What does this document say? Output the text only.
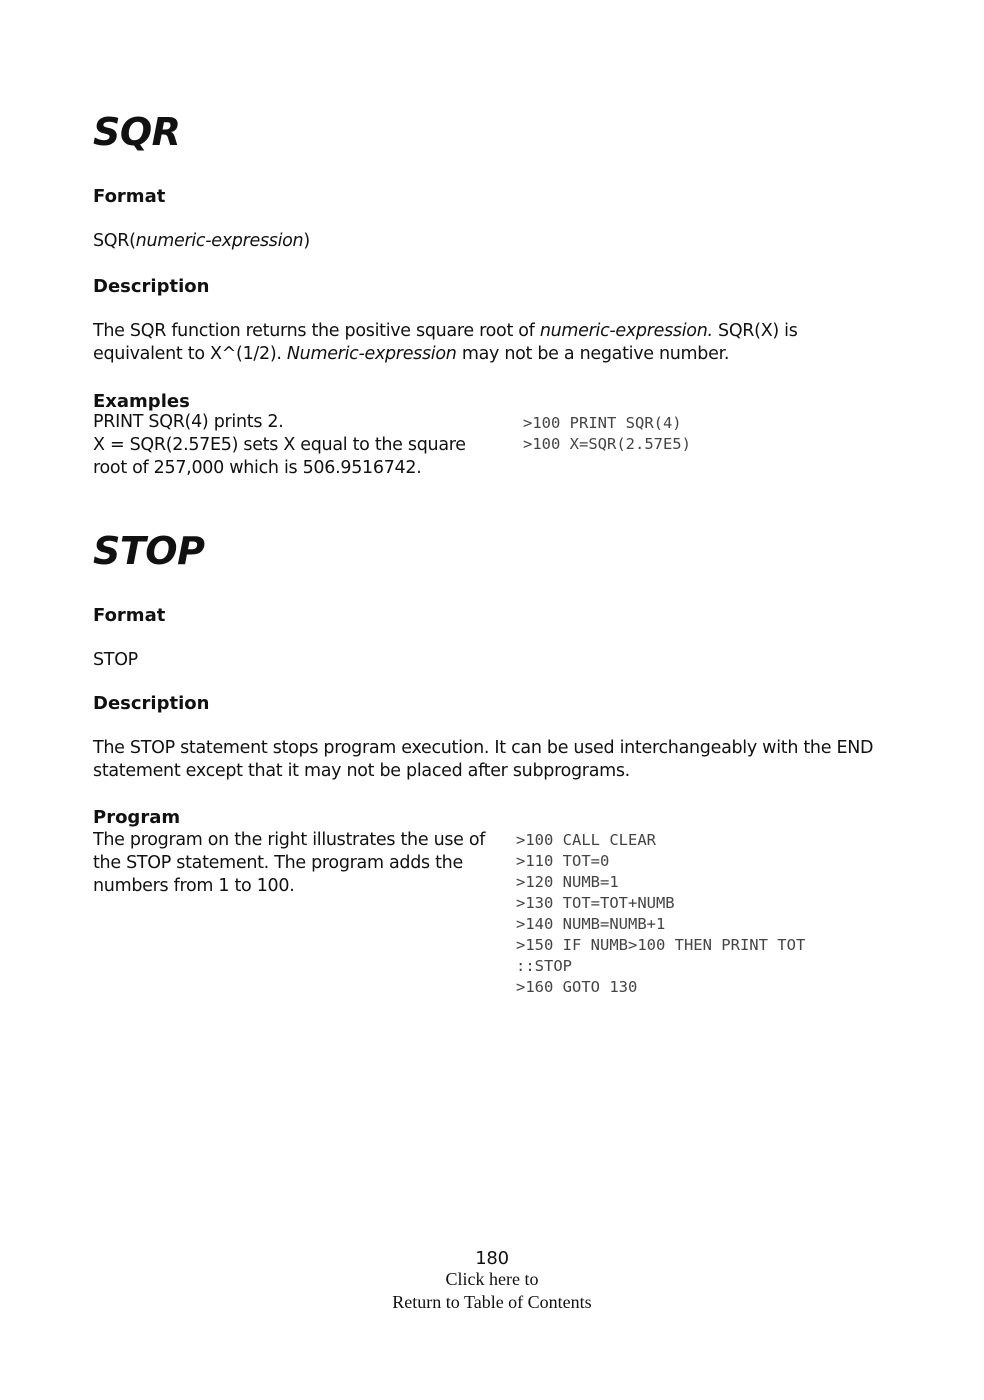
SQR
Format
SQR(numeric-expression)
Description
The SQR function returns the positive square root of numeric-expression. SQR(X) is
equivalent to X^(1/2). Numeric-expression may not be a negative number.
Examples
PRINT SQR(4) prints 2.
X = SQR(2.57E5) sets X equal to the square
root of 257,000 which is 506.9516742.
>100 PRINT SQR(4)
>100 X=SQR(2.57E5)
STOP
Format
STOP
Description
The STOP statement stops program execution. It can be used interchangeably with the END
statement except that it may not be placed after subprograms.
Program
The program on the right illustrates the use of
the STOP statement. The program adds the
numbers from 1 to 100.
>100 CALL CLEAR
>110 TOT=0
>120 NUMB=1
>130 TOT=TOT+NUMB
>140 NUMB=NUMB+1
>150 IF NUMB>100 THEN PRINT TOT
::STOP
>160 GOTO 130
180
Click here to
Return to Table of Contents
